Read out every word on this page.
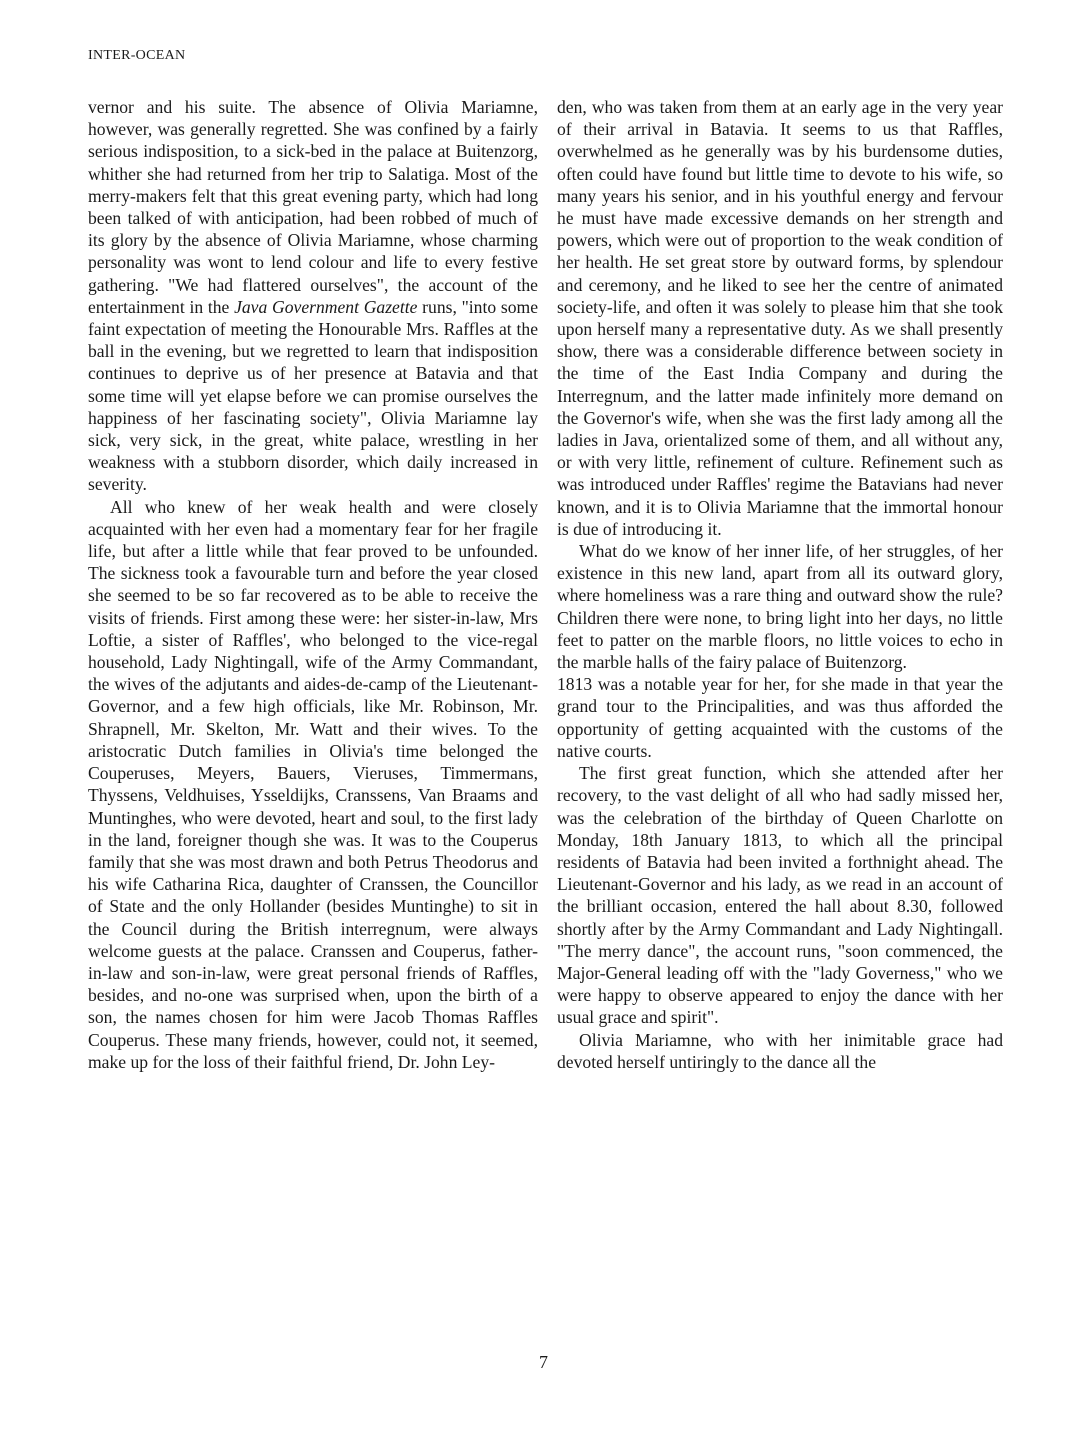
INTER-OCEAN

vernor and his suite. The absence of Olivia Mariamne, however, was generally regretted. She was confined by a fairly serious indisposition, to a sick-bed in the palace at Buitenzorg, whither she had returned from her trip to Salatiga. Most of the merry-makers felt that this great evening party, which had long been talked of with anticipation, had been robbed of much of its glory by the absence of Olivia Mariamne, whose charming personality was wont to lend colour and life to every festive gathering. "We had flattered ourselves", the account of the entertainment in the Java Government Gazette runs, "into some faint expectation of meeting the Honourable Mrs. Raffles at the ball in the evening, but we regretted to learn that indisposition continues to deprive us of her presence at Batavia and that some time will yet elapse before we can promise ourselves the happiness of her fascinating society", Olivia Mariamne lay sick, very sick, in the great, white palace, wrestling in her weakness with a stubborn disorder, which daily increased in severity.

All who knew of her weak health and were closely acquainted with her even had a momentary fear for her fragile life, but after a little while that fear proved to be unfounded. The sickness took a favourable turn and before the year closed she seemed to be so far recovered as to be able to receive the visits of friends. First among these were: her sister-in-law, Mrs Loftie, a sister of Raffles', who belonged to the vice-regal household, Lady Nightingall, wife of the Army Commandant, the wives of the adjutants and aides-de-camp of the Lieutenant-Governor, and a few high officials, like Mr. Robinson, Mr. Shrapnell, Mr. Skelton, Mr. Watt and their wives. To the aristocratic Dutch families in Olivia's time belonged the Couperuses, Meyers, Bauers, Vieruses, Timmermans, Thyssens, Veldhuises, Ysseldijks, Cranssens, Van Braams and Muntinghes, who were devoted, heart and soul, to the first lady in the land, foreigner though she was. It was to the Couperus family that she was most drawn and both Petrus Theodorus and his wife Catharina Rica, daughter of Cranssen, the Councillor of State and the only Hollander (besides Muntinghe) to sit in the Council during the British interregnum, were always welcome guests at the palace. Cranssen and Couperus, father-in-law and son-in-law, were great personal friends of Raffles, besides, and no-one was surprised when, upon the birth of a son, the names chosen for him were Jacob Thomas Raffles Couperus. These many friends, however, could not, it seemed, make up for the loss of their faithful friend, Dr. John Ley-

den, who was taken from them at an early age in the very year of their arrival in Batavia. It seems to us that Raffles, overwhelmed as he generally was by his burdensome duties, often could have found but little time to devote to his wife, so many years his senior, and in his youthful energy and fervour he must have made excessive demands on her strength and powers, which were out of proportion to the weak condition of her health. He set great store by outward forms, by splendour and ceremony, and he liked to see her the centre of animated society-life, and often it was solely to please him that she took upon herself many a representative duty. As we shall presently show, there was a considerable difference between society in the time of the East India Company and during the Interregnum, and the latter made infinitely more demand on the Governor's wife, when she was the first lady among all the ladies in Java, orientalized some of them, and all without any, or with very little, refinement of culture. Refinement such as was introduced under Raffles' regime the Batavians had never known, and it is to Olivia Mariamne that the immortal honour is due of introducing it.

What do we know of her inner life, of her struggles, of her existence in this new land, apart from all its outward glory, where homeliness was a rare thing and outward show the rule? Children there were none, to bring light into her days, no little feet to patter on the marble floors, no little voices to echo in the marble halls of the fairy palace of Buitenzorg.

1813 was a notable year for her, for she made in that year the grand tour to the Principalities, and was thus afforded the opportunity of getting acquainted with the customs of the native courts.

The first great function, which she attended after her recovery, to the vast delight of all who had sadly missed her, was the celebration of the birthday of Queen Charlotte on Monday, 18th January 1813, to which all the principal residents of Batavia had been invited a forthnight ahead. The Lieutenant-Governor and his lady, as we read in an account of the brilliant occasion, entered the hall about 8.30, followed shortly after by the Army Commandant and Lady Nightingall. "The merry dance", the account runs, "soon commenced, the Major-General leading off with the "lady Governess," who we were happy to observe appeared to enjoy the dance with her usual grace and spirit".

Olivia Mariamne, who with her inimitable grace had devoted herself untiringly to the dance all the

7
